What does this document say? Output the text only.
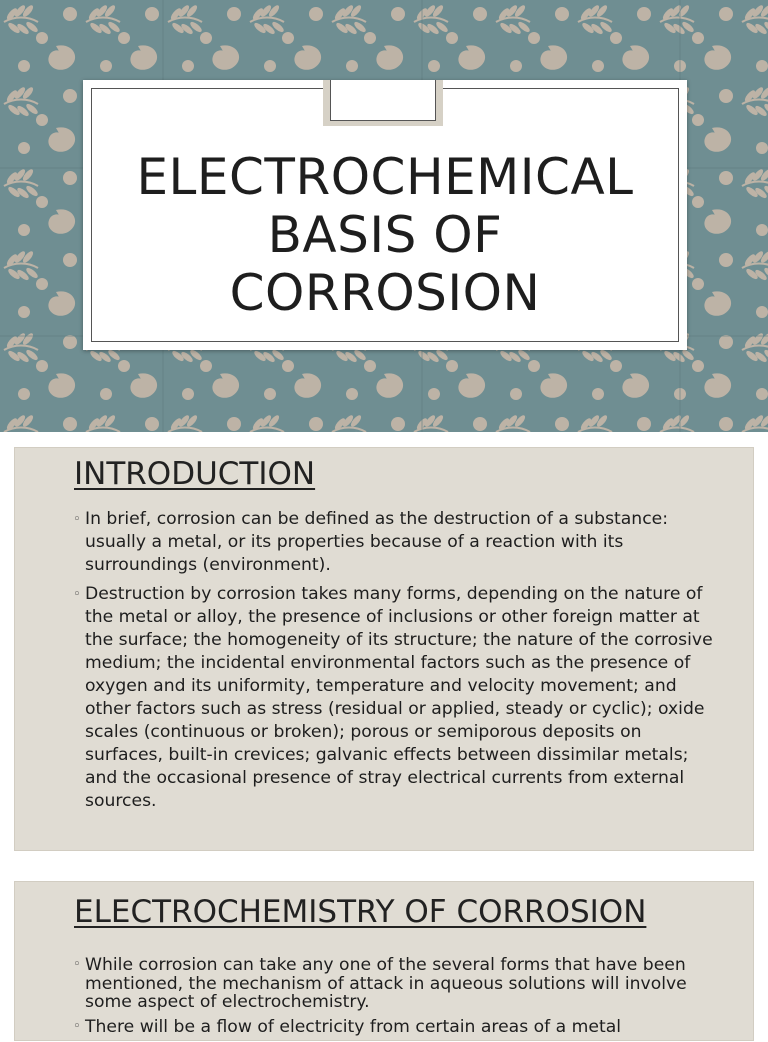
ELECTROCHEMICAL
BASIS OF
CORROSION
INTRODUCTION
◦ In brief, corrosion can be defined as the destruction of a substance: usually a metal, or its properties because of a reaction with its surroundings (environment).
◦ Destruction by corrosion takes many forms, depending on the nature of the metal or alloy, the presence of inclusions or other foreign matter at the surface; the homogeneity of its structure; the nature of the corrosive medium; the incidental environmental factors such as the presence of oxygen and its uniformity, temperature and velocity movement; and other factors such as stress (residual or applied, steady or cyclic); oxide scales (continuous or broken); porous or semiporous deposits on surfaces, built-in crevices; galvanic effects between dissimilar metals; and the occasional presence of stray electrical currents from external sources.
ELECTROCHEMISTRY OF CORROSION
◦ While corrosion can take any one of the several forms that have been mentioned, the mechanism of attack in aqueous solutions will involve some aspect of electrochemistry.
◦ There will be a flow of electricity from certain areas of a metal
